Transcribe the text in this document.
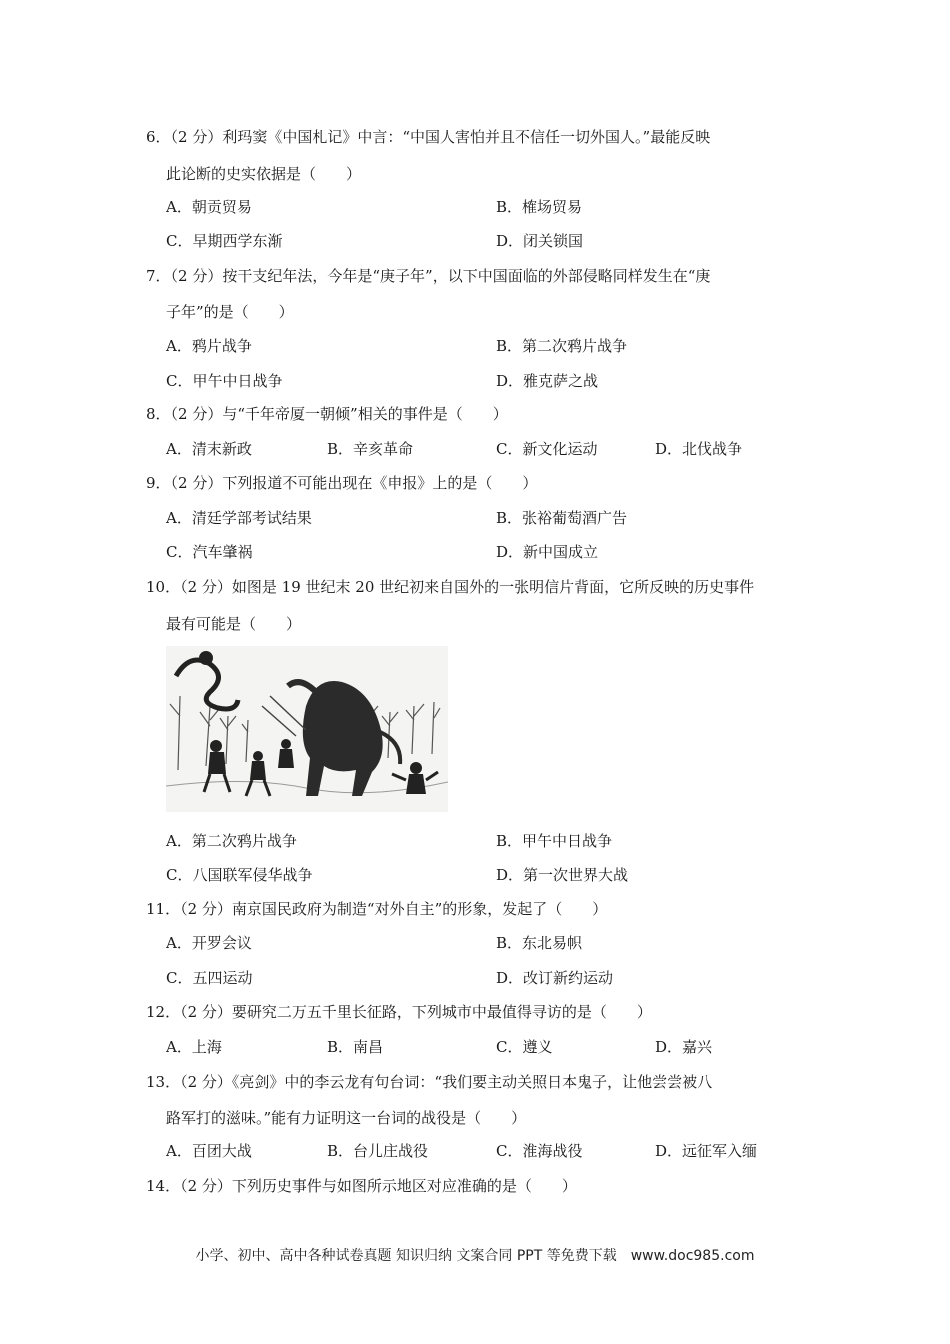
6．（2 分）利玛窦《中国札记》中言：“中国人害怕并且不信任一切外国人。”最能反映
此论断的史实依据是（　　）
A．朝贡贸易	B．榷场贸易
C．早期西学东渐	D．闭关锁国
7．（2 分）按干支纪年法，今年是“庚子年”，以下中国面临的外部侵略同样发生在“庚
子年”的是（　　）
A．鸦片战争	B．第二次鸦片战争
C．甲午中日战争	D．雅克萨之战
8．（2 分）与“千年帝厦一朝倾”相关的事件是（　　）
A．清末新政	B．辛亥革命	C．新文化运动	D．北伐战争
9．（2 分）下列报道不可能出现在《申报》上的是（　　）
A．清廷学部考试结果	B．张裕葡萄酒广告
C．汽车肇祸	D．新中国成立
10．（2 分）如图是 19 世纪末 20 世纪初来自国外的一张明信片背面，它所反映的历史事件
最有可能是（　　）
A．第二次鸦片战争	B．甲午中日战争
C．八国联军侵华战争	D．第一次世界大战
11．（2 分）南京国民政府为制造“对外自主”的形象，发起了（　　）
A．开罗会议	B．东北易帜
C．五四运动	D．改订新约运动
12．（2 分）要研究二万五千里长征路，下列城市中最值得寻访的是（　　）
A．上海	B．南昌	C．遵义	D．嘉兴
13．（2 分）《亮剑》中的李云龙有句台词：“我们要主动关照日本鬼子，让他尝尝被八
路军打的滋味。”能有力证明这一台词的战役是（　　）
A．百团大战	B．台儿庄战役	C．淮海战役	D．远征军入缅
14．（2 分）下列历史事件与如图所示地区对应准确的是（　　）
小学、初中、高中各种试卷真题 知识归纳 文案合同 PPT 等免费下载　www.doc985.com
